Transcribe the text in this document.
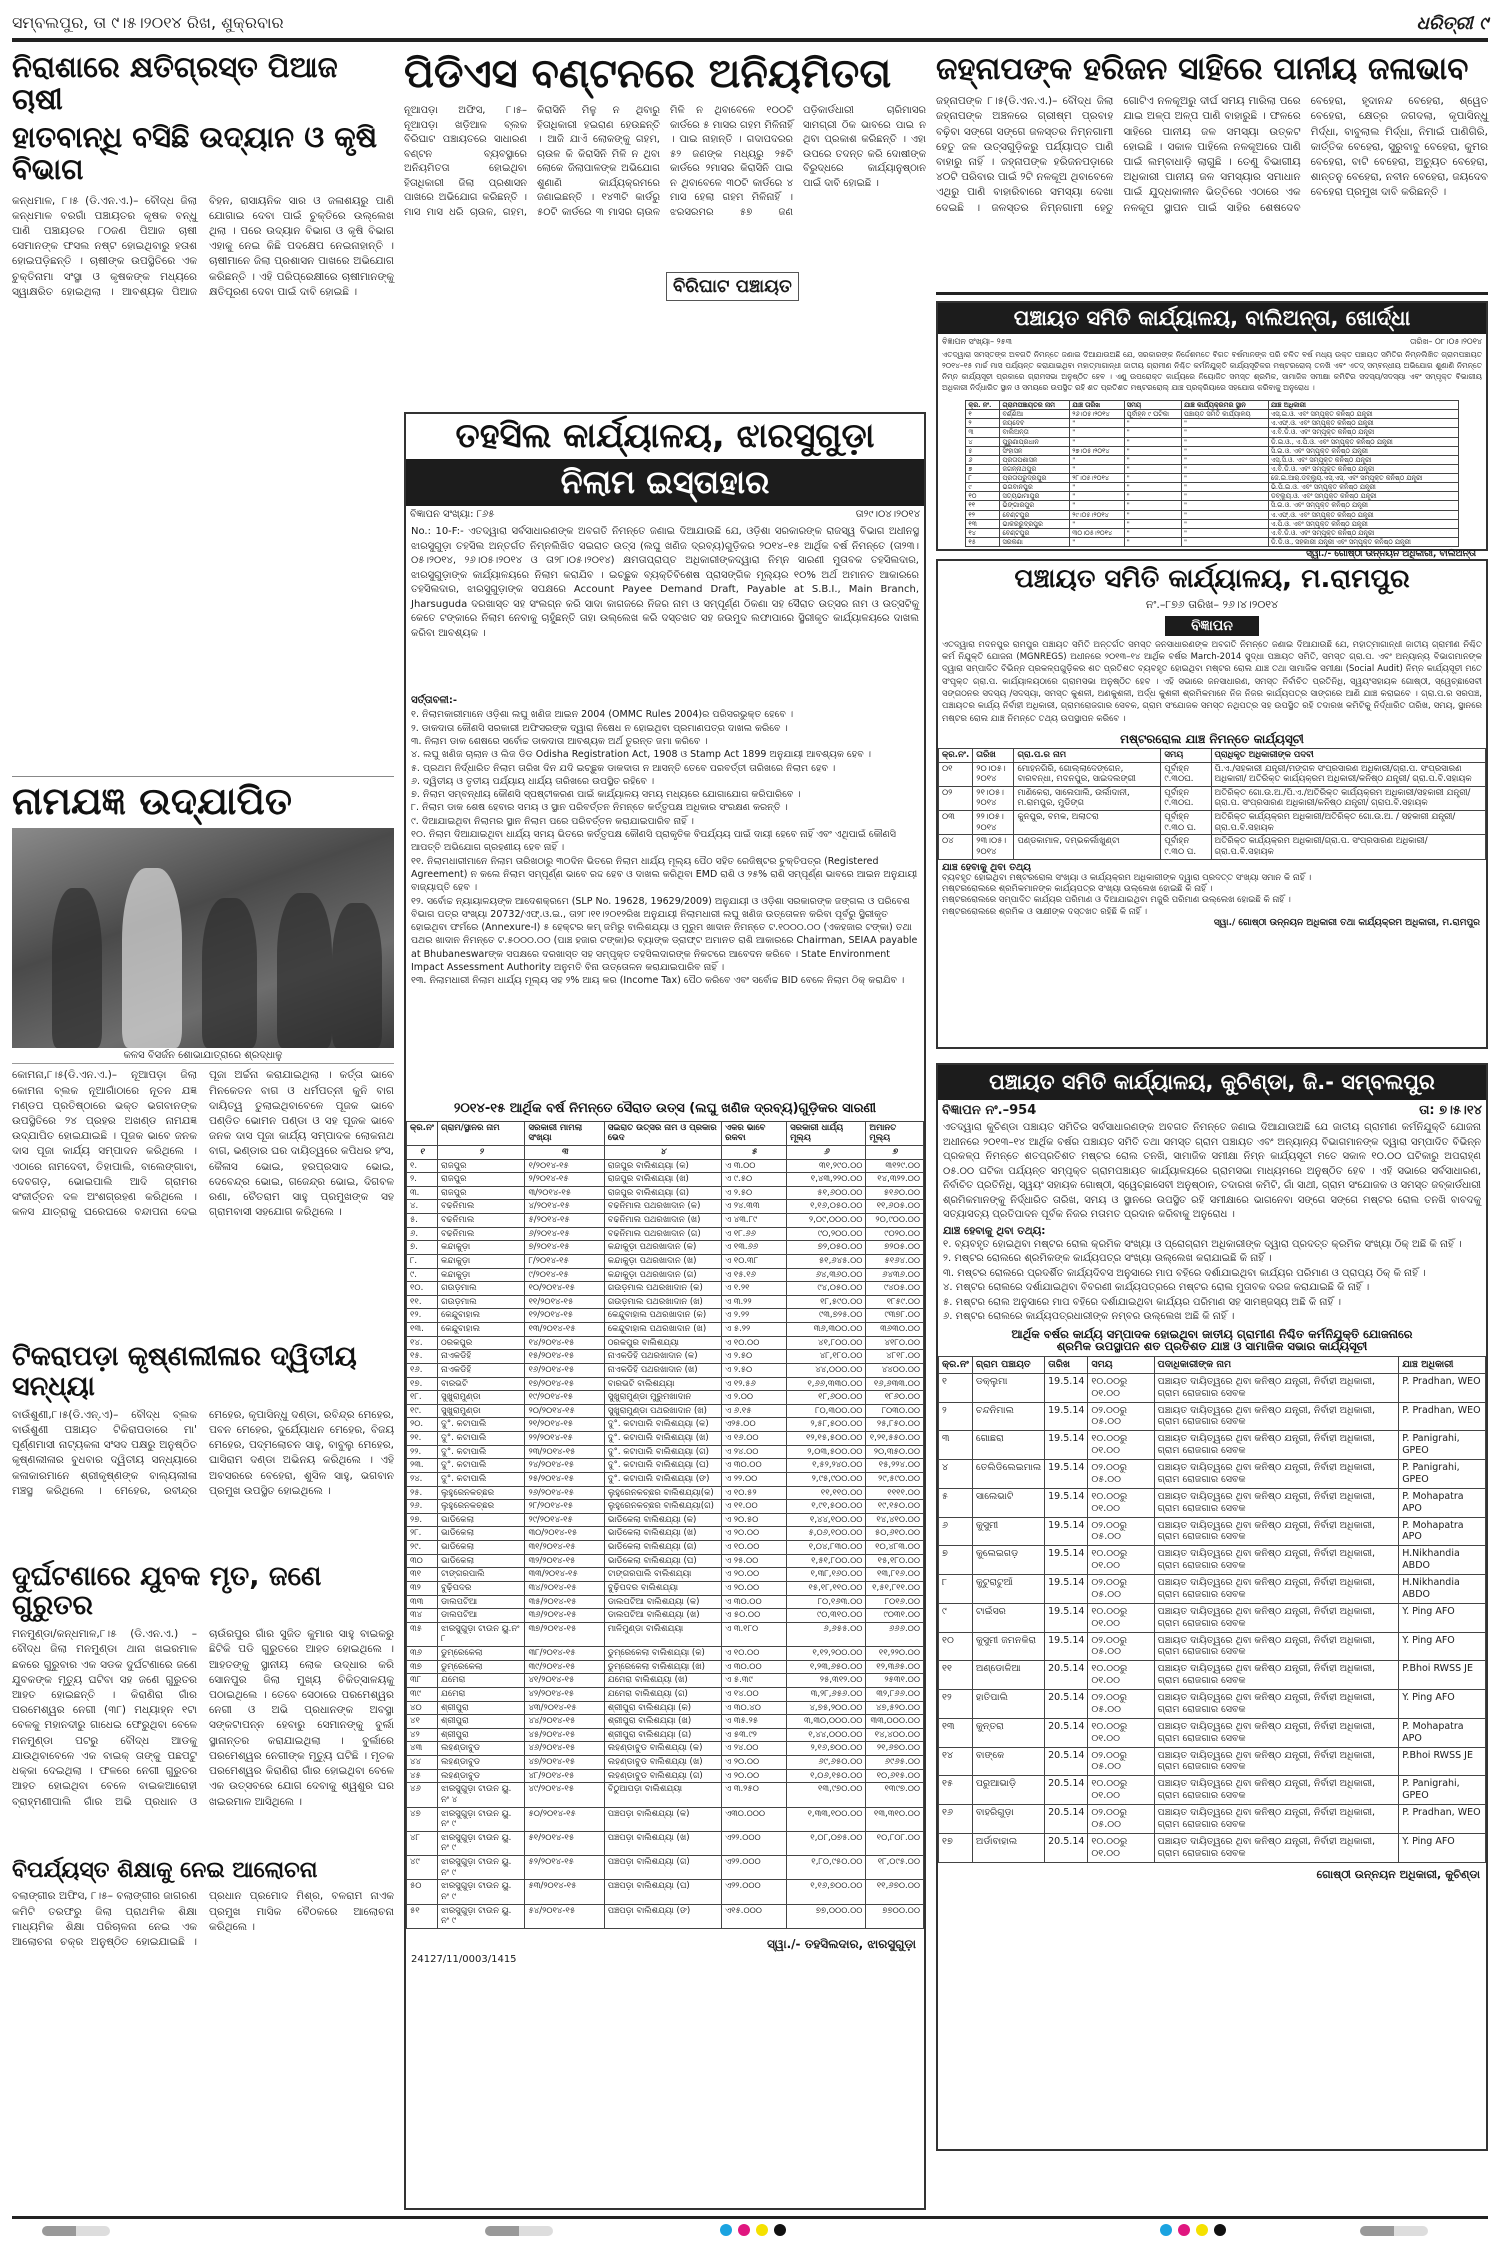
ସମ୍ବଲପୁର, ତା ୯।୫।୨୦୧୪ ରିଖ, ଶୁକ୍ରବାର	ଧରିତ୍ରୀ ୯
ନିରାଶାରେ କ୍ଷତିଗ୍ରସ୍ତ ପିଆଜ ଚାଷୀ
ହାତବାନ୍ଧି ବସିଛି ଉଦ୍ୟାନ ଓ କୃଷି ବିଭାଗ
କନ୍ଧମାଳ, ୮।୫ (ଡି.ଏନ.ଏ.)– ବୌଦ୍ଧ ଜିଲା କନ୍ଧମାଳ ବରଗାଁ ପଞ୍ଚାୟତର କୃଷକ ବନ୍ଧୁ ପାଣି ପଞ୍ଚାୟତର ୮୦ଜଣ ପିଆଜ ଚାଷୀ ସେମାନଙ୍କ ଫସଲ ନଷ୍ଟ ହୋଇଥିବାରୁ ହତାଶ ହୋଇପଡ଼ିଛନ୍ତି । ଚାଷୀଙ୍କ ଉପସ୍ଥିତିରେ ଏକ ଚୁକ୍ତିନାମା ସଂସ୍ଥା ଓ କୃଷକଙ୍କ ମଧ୍ୟରେ ସ୍ୱାକ୍ଷରିତ ହୋଇଥିଲା । ଆବଶ୍ୟକ ପିଆଜ ବିହନ, ରାସାୟନିକ ସାର ଓ ଜଳାଶୟରୁ ପାଣି ଯୋଗାଇ ଦେବା ପାଇଁ ଚୁକ୍ତିରେ ଉଲ୍ଲେଖ ଥିଲା । ପରେ ଉଦ୍ୟାନ ବିଭାଗ ଓ କୃଷି ବିଭାଗ ଏହାକୁ ନେଇ କିଛି ପଦକ୍ଷେପ ନେଇନାହାନ୍ତି । ଚାଷୀମାନେ ଜିଲା ପ୍ରଶାସନ ପାଖରେ ଅଭିଯୋଗ କରିଛନ୍ତି । ଏହି ପରିପ୍ରେକ୍ଷୀରେ ଚାଷୀମାନଙ୍କୁ କ୍ଷତିପୂରଣ ଦେବା ପାଇଁ ଦାବି ହୋଇଛି ।
ନାମଯଜ୍ଞ ଉଦ୍‌ଯାପିତ
କଳସ ବିସର୍ଜନ ଶୋଭାଯାତ୍ରାରେ ଶ୍ରଦ୍ଧାଳୁ
କୋମନା,୮।୫(ଡି.ଏନ.ଏ.)– ନୂଆପଡ଼ା ଜିଲା କୋମନା ବ୍ଲକ ନୂଆଗାଁଠାରେ ନୂତନ ଯଜ୍ଞ ମଣ୍ଡପ ପ୍ରତିଷ୍ଠାରେ ଭକ୍ତ ଭଗବାନଙ୍କ ଉପସ୍ଥିତିରେ ୨୪ ପ୍ରହର ଅଖଣ୍ଡ ନାମଯଜ୍ଞ ଉଦ୍‌ଯାପିତ ହୋଇଯାଇଛି । ପୂଜକ ଭାବେ ଜନକ ଦାସ ପୂଜା କାର୍ଯ୍ୟ ସମ୍ପାଦନ କରିଥିଲେ । ଏଠାରେ ନାମଦେବୀ, ତିହାପାଲି, ବାଲେଙ୍ଗାବା, ଦେବଗଡ଼, ଭୋଇପାଲି ଆଦି ଗ୍ରାମର ସଂକୀର୍ତ୍ତନ ଦଳ ଅଂଶଗ୍ରହଣ କରିଥିଲେ । କଳସ ଯାତ୍ରାକୁ ଘରେଘରେ ବନ୍ଦାପନା ଦେଇ ପୂଜା ଅର୍ଚ୍ଚନା କରାଯାଇଥିଲା । କର୍ତ୍ତା ଭାବେ ମିନକେତନ ବାଗ ଓ ଧର୍ମପତ୍ନୀ କୁନି ବାଗ ଦାୟିତ୍ୱ ତୁଲାଇଥିବାବେଳେ ପୂଜକ ଭାବେ ପଣ୍ଡିତ ଭୋମନ ପଣ୍ଡା ଓ ସହ ପୂଜକ ଭାବେ ଜନକ ଦାସ ପୂଜା କାର୍ଯ୍ୟ ସମ୍ପାଦକ ଲୋକନାଥ ବାଗ, ଭଣ୍ଡାର ଘର ଦାୟିତ୍ୱରେ କପିଧର ହଂସ, କୈଳାସ ଭୋଇ, ହରପ୍ରସାଦ ଭୋଇ, ଦେବେନ୍ଦ୍ର ଭୋଇ, ଗଜେନ୍ଦ୍ର ଭୋଇ, ଦିଗବଳ ରଣା, ଚୈତରାମ ସାହୁ ପ୍ରମୁଖଙ୍କ ସହ ଗ୍ରାମବାସୀ ସହଯୋଗ କରିଥିଲେ ।
ଟିକରାପଡ଼ା କୃଷ୍ଣଲୀଳାର ଦ୍ୱିତୀୟ ସନ୍ଧ୍ୟା
ବାଉଁଶୁଣୀ,୮।୫(ଡି.ଏନ୍.ଏ)– ବୌଦ୍ଧ ବ୍ଲକ ବାଉଁଶୁଣୀ ପଞ୍ଚାୟତ ଟିକିରାପଡାରେ ମା' ପୂର୍ଣ୍ଣମାସୀ ନାଟ୍ୟକଳା ସଂସଦ ପକ୍ଷରୁ ଅନୁଷ୍ଠିତ କୃଷ୍ଣଲୀଳାର ବୁଧବାର ଦ୍ୱିତୀୟ ସନ୍ଧ୍ୟାରେ କଳାକାରମାନେ ଶ୍ରୀକୃଷ୍ଣଙ୍କ ବାଲ୍ୟଲୀଳା ମଞ୍ଚସ୍ଥ କରିଥିଲେ । ମେହେର, ରବୀନ୍ଦ୍ର ମେହେର, କୃପାସିନ୍ଧୁ ଦଣ୍ଡା, ରବିନ୍ଦ୍ର ମେହେର, ପବନ ମେହେର, ଦୁର୍ଯ୍ୟୋଧନ ମେହେର, ବିଜୟ ମେହେର, ପଦ୍ମଲୋଚନ ସାହୁ, ବାବୁଲୁ ମେହେର, ଘାସିରାମ ଦଣ୍ଡା ଅଭିନୟ କରିଥିଲେ । ଏହି ଅବସରରେ ବେହେରା, ଶୁସିଳ ସାହୁ, ଭଗବାନ ପ୍ରମୁଖ ଉପସ୍ଥିତ ହୋଇଥିଲେ ।
ଦୁର୍ଘଟଣାରେ ଯୁବକ ମୃତ, ଜଣେ ଗୁରୁତର
ମନମୁଣ୍ଡା/କନ୍ଧମାଳ,୮।୫ (ଡି.ଏନ.ଏ.) – ବୌଦ୍ଧ ଜିଲା ମନମୁଣ୍ଡା ଥାନା ଖଇରମାଳ ଛକରେ ଗୁରୁବାର ଏକ ସଡକ ଦୁର୍ଘଟଣାରେ ଜଣେ ଯୁବକଙ୍କ ମୃତ୍ୟୁ ଘଟିବା ସହ ଜଣେ ଗୁରୁତର ଆହତ ହୋଇଛନ୍ତି । କିରାଣିରା ଗାଁର ପରମେଶ୍ୱର ନେଗୀ (୩୮) ମଧ୍ୟାହ୍ନ ୧ଟା ବେଳକୁ ମହାନଦୀରୁ ଗାଧେଇ ଫେରୁଥିବା ବେଳେ ମନମୁଣ୍ଡା ପଟରୁ ବୌଦ୍ଧ ଆଡକୁ ଯାଉଥିବାବେଳେ ଏକ ବାଇକ୍ ତାଙ୍କୁ ପଛପଟୁ ଧକ୍କା ଦେଇଥିଲା । ଫଳରେ ନେଗୀ ଗୁରୁତର ଆହତ ହୋଇଥିବା ବେଳେ ବାଇକଆରୋହୀ ବ୍ରାହ୍ମଣୀପାଲି ଗାଁର ଅଭି ପ୍ରଧାନ ଓ ଚାଉଁରପୁର ଗାଁର ସୁଜିତ କୁମାର ସାହୁ ବାଇକରୁ ଛିଟିକି ପଡି ଗୁରୁତରେ ଆହତ ହୋଇଥିଲେ । ଆହତଙ୍କୁ ସ୍ଥାନୀୟ ଲୋକ ଉଦ୍ଧାର କରି ସୋନପୁର ଜିଲା ମୁଖ୍ୟ ଚିକିତ୍ସାଳୟକୁ ପଠାଇଥିଲେ । ତେବେ ସେଠାରେ ପରମେଶ୍ୱର ନେଗୀ ଓ ଅଭି ପ୍ରଧାନଙ୍କ ଅବସ୍ଥା ସଙ୍କଟାପନ୍ନ ହେବାରୁ ସେମାନଙ୍କୁ ବୁର୍ଲା ସ୍ଥାନାନ୍ତର କରାଯାଇଥିଲା । ବୁର୍ଲାରେ ପରମେଶ୍ୱର ନେଗୀଙ୍କ ମୃତ୍ୟୁ ଘଟିଛି । ମୃତକ ପରମେଶ୍ୱର କିରାଣିରା ଗାଁର ହୋଇଥିବା ବେଳେ ଏକ ଉତ୍ସବରେ ଯୋଗ ଦେବାକୁ ଶ୍ୱଶୁର ଘର ଖଇରମାଳ ଆସିଥିଲେ ।
ବିପର୍ଯ୍ୟସ୍ତ ଶିକ୍ଷାକୁ ନେଇ ଆଲୋଚନା
ବଲାଙ୍ଗୀର ଅଫିସ, ୮।୫– ବଲାଙ୍ଗୀର ଜାଗରଣ କମିଟି ତରଫରୁ ଜିଲା ପ୍ରାଥମିକ ଶିକ୍ଷା ମାଧ୍ୟମିକ ଶିକ୍ଷା ପରିଚାଳନା ନେଇ ଏକ ଆଲୋଚନା ଚକ୍ର ଅନୁଷ୍ଠିତ ହୋଇଯାଇଛି । ପ୍ରଧାନ ପ୍ରମୋଦ ମିଶ୍ର, ବଳରାମ ନାଏକ ପ୍ରମୁଖ ମାସିକ ବୈଠକରେ ଆଲୋଚନା କରିଥିଲେ ।
ପିଡିଏସ ବଣ୍ଟନରେ ଅନିୟମିତତା
ନୂଆପଡ଼ା ଅଫିସ, ୮।୫– ନୂଆପଡ଼ା ଖଡ଼ିଆଳ ବ୍ଲକ ବିରିଘାଟ ପଞ୍ଚାୟତରେ ସାଧାରଣ ବଣ୍ଟନ ବ୍ୟବସ୍ଥାରେ ଅନିୟମିତତା ହୋଇଥିବା ହିତାଧିକାରୀ ଜିଲା ପ୍ରଶାସନ ପାଖରେ ଅଭିଯୋଗ କରିଛନ୍ତି । ମାସ ମାସ ଧରି ଚାଉଳ, ଗହମ, କିରାସିନି ମିଳୁ ନ ଥିବାରୁ ହିତାଧିକାରୀ ହଇରାଣ ହେଉଛନ୍ତି । ଆଜି ଯାଏଁ ଲୋକଙ୍କୁ ଗହମ, ଚାଉଳ କି କିରାସିନି ମିଳି ନ ଥିବା ଲୋକେ ଜିଲାପାଳଙ୍କ ଅଭିଯୋଗ ଶୁଣାଣି କାର୍ଯ୍ୟକ୍ରମରେ ଜଣାଇଛନ୍ତି । ୧୪୩ଟି କାର୍ଡରୁ ୫୦ଟି କାର୍ଡରେ ୩ ମାସର ଚାଉଳ ମିଳି ନ ଥିବାବେଳେ ୧୦୦ଟି କାର୍ଡରେ ୫ ମାସର ଗହମ ମିଳିନାହିଁ । ପାଇ ନାହାନ୍ତି । ଗଦାପଦରର ୫୨ ଜଣଙ୍କ ମଧ୍ୟରୁ ୨୫ଟି କାର୍ଡରେ ୨ମାସର କିରାସିନି ପାଇ ନ ଥିବାବେଳେ ୩୦ଟି କାର୍ଡରେ ୪ ମାସ ହେଲା ଗହମ ମିଳିନାହିଁ । ଝରସରମର ୫୭ ଜଣ ପଡ଼ିକାର୍ଡଧାରୀ ଚାରିମାସର ସାମଗ୍ରୀ ଠିକ ଭାବରେ ପାଇ ନ ଥିବା ପ୍ରକାଶ କରିଛନ୍ତି । ଏହା ଉପରେ ତଦନ୍ତ କରି ଦୋଷୀଙ୍କ ବିରୁଦ୍ଧରେ କାର୍ଯ୍ୟାନୁଷ୍ଠାନ ପାଇଁ ଦାବି ହୋଇଛି ।
ବିରିଘାଟ ପଞ୍ଚାୟତ
ତହସିଲ କାର୍ଯ୍ୟାଳୟ, ଝାରସୁଗୁଡ଼ା
ନିଲାମ ଇସ୍ତାହାର
ବିଜ୍ଞାପନ ସଂଖ୍ୟା: ୮୬୫	ତା୨୯।୦୪।୨୦୧୪
No.: 10-F:- ଏତଦ୍ୱାରା ସର୍ବସାଧାରଣଙ୍କ ଅବଗତି ନିମନ୍ତେ ଜଣାଇ ଦିଆଯାଉଛି ଯେ, ଓଡ଼ିଶା ସରକାରଙ୍କ ରାଜସ୍ୱ ବିଭାଗ ଅଧୀନସ୍ଥ ଝାରସୁଗୁଡ଼ା ତହସିଲ ଅନ୍ତର୍ଗତ ନିମ୍ନଲିଖିତ ସଇରାତ ଉତ୍ସ (ଲଘୁ ଖଣିଜ ଦ୍ରବ୍ୟ)ଗୁଡ଼ିକର ୨୦୧୪–୧୫ ଆର୍ଥିକ ବର୍ଷ ନିମନ୍ତେ (ତା୨୩।୦୫।୨୦୧୪, ୨୬।୦୫।୨୦୧୪ ଓ ତା୨୮।୦୫।୨୦୧୪) କ୍ଷମତାପ୍ରାପ୍ତ ଅଧିକାରୀଙ୍କଦ୍ୱାରା ନିମ୍ନ ସାରଣୀ ମୁତାବକ ତହସିଲଦାର, ଝାରସୁଗୁଡ଼ାଙ୍କ କାର୍ଯ୍ୟାଳୟରେ ନିଲାମ କରାଯିବ । ଇଚ୍ଛୁକ ବ୍ୟକ୍ତିବିଶେଷ ପ୍ରାସଙ୍ଗିକ ମୂଲ୍ୟର ୧୦% ଅର୍ଥ ଅମାନତ ଆକାରରେ ତହସିଲଦାର, ଝାରସୁଗୁଡ଼ାଙ୍କ ସପକ୍ଷରେ Account Payee Demand Draft, Payable at S.B.I., Main Branch, Jharsuguda ଦରଖାସ୍ତ ସହ ସଂଲଗ୍ନ କରି ସାଦା କାଗଜରେ ନିଜର ନାମ ଓ ସମ୍ପୂର୍ଣ୍ଣ ଠିକଣା ସହ ସୈରାତ ଉତ୍ସର ନାମ ଓ ଉତ୍ସଟିକୁ କେତେ ଟଙ୍କାରେ ନିଲାମ ନେବାକୁ ଚାହୁଁଛନ୍ତି ତାହା ଉଲ୍ଲେଖ କରି ଦସ୍ତଖତ ସହ ଜଉମୁଦ ଲଫାପାରେ ସ୍ଥିରୀକୃତ କାର୍ଯ୍ୟାଳୟରେ ଦାଖଲ କରିବା ଆବଶ୍ୟକ ।
ସର୍ତ୍ତାବଳୀ:-
୧. ନିଲାମକାରୀମାନେ ଓଡ଼ିଶା ଲଘୁ ଖଣିଜ ଆଇନ 2004 (OMMC Rules 2004)ର ପରିସରଭୁକ୍ତ ହେବେ ।
୨. ଡାକଦାତା କୌଣସି ସରକାରୀ ଅଫିସରଙ୍କ ଦ୍ୱାରା ନିଷେଧ ନ ହୋଇଥିବା ପ୍ରମାଣପତ୍ର ଦାଖଲ କରିବେ ।
୩. ନିଲାମ ଡାକ ଶେଷରେ ସର୍ବୋଚ୍ଚ ଡାକଦାତା ଆବଶ୍ୟକ ଅର୍ଥ ତୁରନ୍ତ ଜମା କରିବେ ।
୪. ଲଘୁ ଖଣିଜ ଚାଲାନ ଓ ଲିଜ ଡିଡ Odisha Registration Act, 1908 ଓ Stamp Act 1899 ଅନୁଯାୟୀ ଆବଶ୍ୟକ ହେବ ।
୫. ପ୍ରଥମ ନିର୍ଦ୍ଧାରିତ ନିଲାମ ତାରିଖ ଦିନ ଯଦି ଇଚ୍ଛୁକ ଡାକଦାତା ନ ଆସନ୍ତି ତେବେ ପରବର୍ତ୍ତୀ ତାରିଖରେ ନିଲାମ ହେବ ।
୬. ଦ୍ୱିତୀୟ ଓ ତୃତୀୟ ପର୍ଯ୍ୟାୟ ଧାର୍ଯ୍ୟ ତାରିଖରେ ଉପସ୍ଥିତ ରହିବେ ।
୭. ନିଲାମ ସମ୍ବନ୍ଧୀୟ କୌଣସି ସ୍ପଷ୍ଟୀକରଣ ପାଇଁ କାର୍ଯ୍ୟାଳୟ ସମୟ ମଧ୍ୟରେ ଯୋଗାଯୋଗ କରିପାରିବେ ।
୮. ନିଲାମ ଡାକ ଶେଷ ହେବାର ସମୟ ଓ ସ୍ଥାନ ପରିବର୍ତ୍ତନ ନିମନ୍ତେ କର୍ତ୍ତୃପକ୍ଷ ଅଧିକାର ସଂରକ୍ଷଣ କରନ୍ତି ।
୯. ଦିଆଯାଇଥିବା ନିଲାମର ସ୍ଥାନ ନିଲାମ ପରେ ପରିବର୍ତ୍ତନ କରାଯାଇପାରିବ ନାହିଁ ।
୧୦. ନିଲାମ ଦିଆଯାଇଥିବା ଧାର୍ଯ୍ୟ ସମୟ ଭିତରେ କର୍ତ୍ତୃପକ୍ଷ କୌଣସି ପ୍ରାକୃତିକ ବିପର୍ଯ୍ୟୟ ପାଇଁ ଦାୟୀ ହେବେ ନାହିଁ ଏବଂ ଏଥିପାଇଁ କୌଣସି ଆପତ୍ତି ଅଭିଯୋଗ ଗ୍ରହଣୀୟ ହେବ ନାହିଁ ।
୧୧. ନିଲାମଧାରୀମାନେ ନିଲାମ ତାରିଖଠାରୁ ୩୦ଦିନ ଭିତରେ ନିଲାମ ଧାର୍ଯ୍ୟ ମୂଲ୍ୟ ପୈଠ ସହିତ ରେଜିଷ୍ଟର ଚୁକ୍ତିପତ୍ର (Registered Agreement) ନ କଲେ ନିଲାମ ସମ୍ପୂର୍ଣ୍ଣ ଭାବେ ରଦ୍ଦ ହେବ ଓ ଦାଖଲ କରିଥିବା EMD ରାଶି ଓ ୨୫% ରାଶି ସମ୍ପୂର୍ଣ୍ଣ ଭାବରେ ଆଇନ ଅନୁଯାୟୀ ବାଜ୍ୟାପ୍ତି ହେବ ।
୧୨. ସର୍ବୋଚ୍ଚ ନ୍ୟାୟାଳୟଙ୍କ ଆଦେଶକ୍ରମେ (SLP No. 19628, 19629/2009) ଅନୁଯାୟୀ ଓ ଓଡ଼ିଶା ସରକାରଙ୍କ ଜଙ୍ଗଲ ଓ ପରିବେଶ ବିଭାଗ ପତ୍ର ସଂଖ୍ୟା 20732/ଏଫ୍.ଓ.ଇ., ତା୨୮।୧୧।୨୦୧୨ରିଖ ଅନୁଯାୟୀ ନିଲାମଧାରୀ ଲଘୁ ଖଣିଜ ଉତ୍ତୋଳନ କରିବା ପୂର୍ବରୁ ସ୍ଥିରୀକୃତ ହୋଇଥିବା ଫର୍ମରେ (Annexure-I) ୫ ହେକ୍ଟର କମ୍ ଜମିରୁ ବାଲିଶଯ୍ୟା ଓ ମୁରୁମ ଖାଦାନ ନିମନ୍ତେ ଟ.୧୦୦୦.୦୦ (ଏକହଜାର ଟଙ୍କା) ତଥା ପଥର ଖାଦାନ ନିମନ୍ତେ ଟ.୫୦୦୦.୦୦ (ପାଞ୍ଚ ହଜାର ଟଙ୍କା)ର ବ୍ୟାଙ୍କ ଡ୍ରାଫ୍ଟ ଅମାନତ ରାଶି ଆକାରରେ Chairman, SEIAA payable at Bhubaneswarଙ୍କ ସପକ୍ଷରେ ଦରଖାସ୍ତ ସହ ସମ୍ପୃକ୍ତ ତହସିଲଦାରଙ୍କ ନିକଟରେ ଆବେଦନ କରିବେ । State Environment Impact Assessment Authority ଅନୁମତି ବିନା ଉତ୍ତୋଳନ କରାଯାଇପାରିବ ନାହିଁ ।
୧୩. ନିଲାମଧାରୀ ନିଲାମ ଧାର୍ଯ୍ୟ ମୂଲ୍ୟ ସହ ୨% ଆୟ କର (Income Tax) ପୈଠ କରିବେ ଏବଂ ସର୍ବୋଚ୍ଚ BID ବେଳେ ନିଲାମ ଠିକ୍ କରାଯିବ ।
୨୦୧୪-୧୫ ଆର୍ଥିକ ବର୍ଷ ନିମନ୍ତେ ସୈରାତ ଉତ୍ସ (ଲଘୁ ଖଣିଜ ଦ୍ରବ୍ୟ)ଗୁଡ଼ିକର ସାରଣୀ
କ୍ର.ନଂ	ଗ୍ରାମ/ସ୍ଥାନର ନାମ	ସରକାରୀ ମାମଲା ସଂଖ୍ୟା	ସଇରାତ ଉତ୍ସର ନାମ ଓ ପ୍ରକାର ଭେଦ	ଏକର ଭାବେ ରକବା	ସରକାରୀ ଧାର୍ଯ୍ୟ ମୂଲ୍ୟ	ଅମାନତ ମୂଲ୍ୟ
୧	୨	୩	୪	୫	୬	୭
୧.	ରାଜପୁର	୧/୨୦୧୪-୧୫	ରାଜପୁର ବାଲିଶଯ୍ୟା (କ)	ଏ ୩.୦୦	୩୧,୨୯୦.୦୦	୩୧୨୯.୦୦
୨.	ରାଜପୁର	୨/୨୦୧୪-୧୫	ରାଜପୁର ବାଲିଶଯ୍ୟା (ଖ)	ଏ ୯.୫୦	୧,୪୩,୨୨୦.୦୦	୧୪,୩୨୨.୦୦
୩.	ରାଜପୁର	୩/୨୦୧୪-୧୫	ରାଜପୁର ବାଲିଶଯ୍ୟା (ଗ)	ଏ ୨.୫୦	୫୧,୬୦୦.୦୦	୫୧୬୦.୦୦
୪.	ବଢନିମାଲ	୪/୨୦୧୪-୧୫	ବଢନିମାଲ ପଥରଖାଦାନ (କ)	ଏ ୨୪.୩୩	୧,୧୬,୦୫୦.୦୦	୧୧,୬୦୫.୦୦
୫.	ବଢନିମାଲ	୫/୨୦୧୪-୧୫	ବଢନିମାଲ ପଥରଖାଦାନ (ଖ)	ଏ ୪୩.୮୯	୨,୦୯,୦୦୦.୦୦	୨୦,୯୦୦.୦୦
୬.	ବଢନିମାଲ	୬/୨୦୧୪-୧୫	ବଢନିମାଲ ପଥରଖାଦାନ (ଗ)	ଏ ୧୮.୬୬	୯୦,୨୦୦.୦୦	୯୦୨୦.୦୦
୭.	କନ୍ଦାକୁଡ଼ା	୭/୨୦୧୪-୧୫	କନ୍ଦାକୁଡ଼ା ପଥରଖାଦାନ (କ)	ଏ ୧୩.୬୬	୭୨,୦୫୦.୦୦	୭୨୦୫.୦୦
୮.	କନ୍ଦାକୁଡ଼ା	୮/୨୦୧୪-୧୫	କନ୍ଦାକୁଡ଼ା ପଥରଖାଦାନ (ଖ)	ଏ ୧୦.୩୮	୫୧,୬୪୫.୦୦	୫୧୬୪.୦୦
୯.	କନ୍ଦାକୁଡ଼ା	୯/୨୦୧୪-୧୫	କନ୍ଦାକୁଡ଼ା ପଥରଖାଦାନ (ଗ)	ଏ ୧୫.୧୬	୬୪,୩୬୦.୦୦	୬୪୩୬.୦୦
୧୦.	ଗଉଡ଼ମାଲ	୧୦/୨୦୧୪-୧୫	ଗଉଡ଼ମାଲ ପଥରଖାଦାନ (କ)	ଏ ୧.୨୧	୯୪,୦୫୦.୦୦	୯୪୦୫.୦୦
୧୧.	ଗଉଡ଼ମାଲ	୧୧/୨୦୧୪-୧୫	ଗଉଡ଼ମାଲ ପଥରଖାଦାନ (ଖ)	ଏ ୩.୨୨	୧୮,୫୯୦.୦୦	୧୮୫୯.୦୦
୧୨.	କେନ୍ଦୁବାହାଲ	୧୨/୨୦୧୪-୧୫	କେନ୍ଦୁବାହାଲ ପଥରଖାଦାନ (କ)	ଏ ୨.୨୨	୯୩,୭୨୫.୦୦	୯୩୭୮.୦୦
୧୩.	କେନ୍ଦୁବାହାଲ	୧୩/୨୦୧୪-୧୫	କେନ୍ଦୁବାହାଲ ପଥରଖାଦାନ (ଖ)	ଏ ୫.୨୨	୩୬,୩୦୦.୦୦	୩୬୩୦.୦୦
୧୪.	ଠରକପୁର	୧୪/୨୦୧୪-୧୫	ଠରକପୁର ବାଲିଶଯ୍ୟା	ଏ ୧୦.୦୦	୪୧,୮୦୦.୦୦	୪୧୮୦.୦୦
୧୫.	ନାଏକଡିହି	୧୫/୨୦୧୪-୧୫	ନାଏକଡିହି ପଥରଖାଦାନ (କ)	ଏ ୨.୫୦	୪୮,୧୮୦.୦୦	୪୮୧୮.୦୦
୧୬.	ନାଏକଡିହି	୧୬/୨୦୧୪-୧୫	ନାଏକଡିହି ପଥରଖାଦାନ (ଖ)	ଏ ୨.୫୦	୪୪,୦୦୦.୦୦	୪୪୦୦.୦୦
୧୭.	ବାରଭଟି	୧୭/୨୦୧୪-୧୫	ବାରଭଟି ବାଲିଶଯ୍ୟା	ଏ ୧୨.୫୬	୧,୬୬,୩୩୦.୦୦	୧୬,୬୩୩.୦୦
୧୮.	ସୁଖୁରାମୁଣ୍ଡା	୧୯/୨୦୧୪-୧୫	ସୁଖୁରାମୁଣ୍ଡା ମୁରୁମଖାଦାନ	ଏ ୨.୦୦	୧୮,୬୦୦.୦୦	୧୮୬୦.୦୦
୧୯.	ସୁଖୁରାମୁଣ୍ଡା	୨୦/୨୦୧୪-୧୫	ସୁଖୁରାମୁଣ୍ଡା ପଥରଖାଦାନ (ଖ)	ଏ ୬.୧୫	୮୦,୩୦୦.୦୦	୮୦୩୦.୦୦
୨୦.	ଦୁ°. କଟାପାଲି	୨୧/୨୦୧୪-୧୫	ଦୁ°. କଟାପାଲି ବାଲିଶଯ୍ୟା (କ)	ଏ୨୫.୦୦	୨,୫୮,୫୦୦.୦୦	୨୫,୮୫୦.୦୦
୨୧.	ଦୁ°. କଟାପାଲି	୨୨/୨୦୧୪-୧୫	ଦୁ°. କଟାପାଲି ବାଲିଶଯ୍ୟା (ଖ)	ଏ ୧୬.୦୦	୧୨,୧୫,୫୦୦.୦୦	୧,୨୧,୫୫୦.୦୦
୨୨.	ଦୁ°. କଟାପାଲି	୨୩/୨୦୧୪-୧୫	ଦୁ°. କଟାପାଲି ବାଲିଶଯ୍ୟା (ଗ)	ଏ ୨୪.୦୦	୨,୦୩,୫୦୦.୦୦	୨୦,୩୫୦.୦୦
୨୩.	ଦୁ°. କଟାପାଲି	୨୪/୨୦୧୪-୧୫	ଦୁ°. କଟାପାଲି ବାଲିଶଯ୍ୟା (ଘ)	ଏ ୩୦.୦୦	୧,୫୨,୨୪୦.୦୦	୧୫,୨୨୪.୦୦
୨୪.	ଦୁ°. କଟାପାଲି	୨୫/୨୦୧୪-୧୫	ଦୁ°. କଟାପାଲି ବାଲିଶଯ୍ୟା (ଙ)	ଏ ୨୨.୦୦	୨,୯୫,୯୦୦.୦୦	୨୯,୫୯୦.୦୦
୨୫.	ଲୁହୁରେନକଚ୍ଛର	୨୬/୨୦୧୪-୧୫	ଲୁହୁରେନକଚ୍ଛର ବାଲିଶଯ୍ୟା(କ)	ଏ ୧୦.୫୨	୧୧,୧୧୦.୦୦	୧୧୧୧.୦୦
୨୬.	ଲୁହୁରେନକଚ୍ଛର	୨୮/୨୦୧୪-୧୫	ଲୁହୁରେନକଚ୍ଛର ବାଲିଶଯ୍ୟା(ଗ)	ଏ ୧୧.୦୦	୧,୯୧,୫୦୦.୦୦	୧୯,୧୫୦.୦୦
୨୭.	ଭାଡିକେଲା	୨୯/୨୦୧୪-୧୫	ଭାଡିକେଲା ବାଲିଶଯ୍ୟା (କ)	ଏ ୨୦.୫୦	୧,୪୪,୧୦୦.୦୦	୧୪,୪୧୦.୦୦
୨୮.	ଭାଡିକେଲା	୩୦/୨୦୧୪-୧୫	ଭାଡିକେଲା ବାଲିଶଯ୍ୟା (ଖ)	ଏ ୨୦.୦୦	୫,୦୬,୧୦୦.୦୦	୫୦,୬୧୦.୦୦
୨୯.	ଭାଡିକେଲା	୩୧/୨୦୧୪-୧୫	ଭାଡିକେଲା ବାଲିଶଯ୍ୟା (ଗ)	ଏ ୧୦.୦୦	୧,୦୪,୮୩୦.୦୦	୧୦,୪୮୩.୦୦
୩୦	ଭାଡିକେଲା	୩୨/୨୦୧୪-୧୫	ଭାଡିକେଲା ବାଲିଶଯ୍ୟା (ଘ)	ଏ ୨୫.୦୦	୧,୫୧,୮୦୦.୦୦	୧୫,୧୮୦.୦୦
୩୧	ଟାଙ୍ଗରପାଲି	୩୩/୨୦୧୪-୧୫	ଟାଙ୍ଗରପାଲି ବାଲିଶଯ୍ୟା	ଏ ୨୦.୦୦	୧,୩୮,୧୬୦.୦୦	୧୩,୮୧୬.୦୦
୩୨	ବୁଢ଼ିପଦର	୩୪/୨୦୧୪-୧୫	ବୁଢ଼ିପଦର ବାଲିଶଯ୍ୟା	ଏ ୨୦.୦୦	୧୫,୧୮,୧୧୦.୦୦	୧,୫୧,୮୧୧.୦୦
୩୩	ଡାଲପଟିଆ	୩୫/୨୦୧୪-୧୫	ଡାଲପଟିଆ ବାଲିଶଯ୍ୟା (କ)	ଏ ୩୦.୦୦	୮୦,୧୬୩.୦୦	୮୦୧୬.୦୦
୩୪	ଡାଲପଟିଆ	୩୬/୨୦୧୪-୧୫	ଡାଲପଟିଆ ବାଲିଶଯ୍ୟା (ଖ)	ଏ ୫୦.୦୦	୯୦,୩୧୦.୦୦	୯୦୩୧.୦୦
୩୫	ଝାରସୁଗୁଡ଼ା ଟାଉନ ୟୁ.ନଂ ୮	୩୭/୨୦୧୪-୧୫	ମାଳିମୁଣ୍ଡା ବାଲିଶଯ୍ୟା	ଏ ୩.୧୮୦	୬,୬୫୫.୦୦	୬୬୬.୦୦
୩୬	ଡୁମ୍ରେକେଲା	୩୮/୨୦୧୪-୧୫	ଡୁମ୍ରେକେଲା ବାଲିଶଯ୍ୟା (କ)	ଏ ୧୦.୦୦	୧,୧୨,୨୦୦.୦୦	୧୧,୨୨୦.୦୦
୩୭	ଡୁମ୍ରେକେଲା	୩୯/୨୦୧୪-୧୫	ଡୁମ୍ରେକେଲା ବାଲିଶଯ୍ୟା (ଖ)	ଏ ୩୦.୦୦	୧,୨୩,୬୫୦.୦୦	୧୨,୩୬୫.୦୦
୩୮	ଯମେରା	୪୧/୨୦୧୪-୧୫	ଯମେରା ବାଲିଶଯ୍ୟା (ଖ)	ଏ ୫.୩୯	୨୫,୩୧୨.୦୦	୨୫୩୧.୦୦
୩୯	ଯମେରା	୪୨/୨୦୧୪-୧୫	ଯମେରା ବାଲିଶଯ୍ୟା (ଗ)	ଏ ୧୪.୦୦	୩,୨୮,୬୫୬.୦୦	୩୨,୮୬୬.୦୦
୪୦	ଶ୍ରୀପୁରା	୪୩/୨୦୧୪-୧୫	ଶ୍ରୀପୁରା ବାଲିଶଯ୍ୟା (କ)	ଏ ୩୦.୪୦	୪,୭୫,୨୦୦.୦୦	୪୭,୫୨୦.୦୦
୪୧	ଶ୍ରୀପୁରା	୪୪/୨୦୧୪-୧୫	ଶ୍ରୀପୁରା ବାଲିଶଯ୍ୟା (ଖ)	ଏ ୩୫.୨୫	୩,୩୦,୦୦୦.୦୦	୩୩,୦୦୦.୦୦
୪୨	ଶ୍ରୀପୁରା	୪୫/୨୦୧୪-୧୫	ଶ୍ରୀପୁରା ବାଲିଶଯ୍ୟା (ଗ)	ଏ ୫୩.୯୨	୧,୪୪,୦୦୦.୦୦	୧୪,୪୦୦.୦୦
୪୩	ଲହଣ୍ଡାବୁଡ	୪୬/୨୦୧୪-୧୫	ଲହଣ୍ଡାବୁଡ ବାଲିଶଯ୍ୟା (କ)	ଏ ୨୪.୦୦	୨,୧୬,୭୦୦.୦୦	୨୧,୬୭୦.୦୦
୪୪	ଲହଣ୍ଡାବୁଡ	୪୭/୨୦୧୪-୧୫	ଲହଣ୍ଡାବୁଡ ବାଲିଶଯ୍ୟା (ଖ)	ଏ ୨୦.୦୦	୬୯,୬୫୦.୦୦	୬୯୬୫.୦୦
୪୫	ଲହଣ୍ଡାବୁଡ	୪୮/୨୦୧୪-୧୫	ଲହଣ୍ଡାବୁଡ ବାଲିଶଯ୍ୟା (ଗ)	ଏ ୨୦.୦୦	୧,୦୬,୧୫୦.୦୦	୧୦,୬୧୫.୦୦
୪୬	ଝାରସୁଗୁଡ଼ା ଟାଉନ ୟୁ. ନଂ ୪	୪୯/୨୦୧୪-୧୫	ବିଠୁଆପଡ଼ା ବାଲିଶଯ୍ୟା	ଏ ୩.୨୫୦	୧୩,୯୭୦.୦୦	୧୩୯୭.୦୦
୪୭	ଝାରସୁଗୁଡ଼ା ଟାଉନ ୟୁ. ନଂ ୯	୫୦/୨୦୧୪-୧୫	ପଞ୍ଚପଡ଼ା ବାଲିଶଯ୍ୟା (କ)	ଏ୩୦.୦୦୦	୧,୩୩,୧୦୦.୦୦	୧୩,୩୧୦.୦୦
୪୮	ଝାରସୁଗୁଡ଼ା ଟାଉନ ୟୁ. ନଂ ୯	୫୧/୨୦୧୪-୧୫	ପଞ୍ଚପଡ଼ା ବାଲିଶଯ୍ୟା (ଖ)	ଏ୨୨.୦୦୦	୧,୦୮,୦୭୫.୦୦	୧୦,୮୦୮.୦୦
୪୯	ଝାରସୁଗୁଡ଼ା ଟାଉନ ୟୁ. ନଂ ୯	୫୨/୨୦୧୪-୧୫	ପଞ୍ଚପଡ଼ା ବାଲିଶଯ୍ୟା (ଗ)	ଏ୨୨.୦୦୦	୧,୮୦,୯୫୦.୦୦	୧୮,୦୯୫.୦୦
୫୦	ଝାରସୁଗୁଡ଼ା ଟାଉନ ୟୁ. ନଂ ୯	୫୩/୨୦୧୪-୧୫	ପଞ୍ଚପଡ଼ା ବାଲିଶଯ୍ୟା (ଘ)	ଏ୨୨.୦୦୦	୧,୧୬,୭୦୦.୦୦	୧୧,୬୭୦.୦୦
୫୧	ଝାରସୁଗୁଡ଼ା ଟାଉନ ୟୁ. ନଂ ୯	୫୪/୨୦୧୪-୧୫	ପଞ୍ଚପଡ଼ା ବାଲିଶଯ୍ୟା (ଙ)	ଏ୧୫.୦୦୦	୭୭,୦୦୦.୦୦	୭୭୦୦.୦୦
ସ୍ୱା./- ତହସିଲଦାର, ଝାରସୁଗୁଡ଼ା
24127/11/0003/1415
ଜହ୍ନାପଙ୍କ ହରିଜନ ସାହିରେ ପାନୀୟ ଜଳାଭାବ
ଜହ୍ନାପଙ୍କ ୮।୫(ଡି.ଏନ.ଏ.)– ବୌଦ୍ଧ ଜିଲା ଜହ୍ନାପଙ୍କ ଅଞ୍ଚଳରେ ଗ୍ରୀଷ୍ମ ପ୍ରବାହ ବଢ଼ିବା ସଙ୍ଗେ ସଙ୍ଗେ ଜଳସ୍ତର ନିମ୍ନଗାମୀ ହେତୁ ଜଳ ଉତ୍ସଗୁଡ଼ିକରୁ ପର୍ଯ୍ୟାପ୍ତ ପାଣି ବାହାରୁ ନାହିଁ । ଜହ୍ନାପଙ୍କ ହରିଜନପଡ଼ାରେ ୪୦ଟି ପରିବାର ପାଇଁ ୨ଟି ନଳକୂଅ ଥିବାବେଳେ ଏଥିରୁ ପାଣି ବାହାରିବାରେ ସମସ୍ୟା ଦେଖା ଦେଇଛି । ଜଳସ୍ତର ନିମ୍ନଗାମୀ ହେତୁ ଗୋଟିଏ ନଳକୂଅରୁ ଦୀର୍ଘ ସମୟ ମାରିଲା ପରେ ଯାଇ ଅଳ୍ପ ଅଳ୍ପ ପାଣି ବାହାରୁଛି । ଫଳରେ ସାହିରେ ପାନୀୟ ଜଳ ସମସ୍ୟା ଉତ୍କଟ ହୋଇଛି । ସକାଳ ପାହିଲେ ନଳକୂଅରେ ପାଣି ପାଇଁ ଲମ୍ବାଧାଡ଼ି ଲାଗୁଛି । ତେଣୁ ବିଭାଗୀୟ ଅଧିକାରୀ ପାନୀୟ ଜଳ ସମସ୍ୟାର ସମାଧାନ ପାଇଁ ଯୁଦ୍ଧକାଳୀନ ଭିତ୍ତିରେ ଏଠାରେ ଏକ ନଳକୂପ ସ୍ଥାପନ ପାଇଁ ସାହିର ଶେଷଦେବ ବେହେରା, ହୃଦାନନ୍ଦ ବେହେରା, ଶ୍ୱେତ ବେହେରା, କ୍ଷେତ୍ର ଜଗଦଲା, କୃପାସିନ୍ଧୁ ମିର୍ଦ୍ଧା, ବାବୁଲାଲ ମିର୍ଦ୍ଧା, ନିମାଇଁ ପାଣିଗିରି, କାର୍ତ୍ତିକ ବେହେରା, ସୁରୁବାବୁ ବେହେରା, କୁମର ବେହେରା, ବାଟି ବେହେରା, ଅଚ୍ୟୁତ ବେହେରା, ଶାନ୍ତନୁ ବେହେରା, ନବୀନ ବେହେରା, ଜୟଦେବ ବେହେରା ପ୍ରମୁଖ ଦାବି କରିଛନ୍ତି ।
ପଞ୍ଚାୟତ ସମିତି କାର୍ଯ୍ୟାଳୟ, ବାଲିଅନ୍ତା, ଖୋର୍ଦ୍ଧା
ବିଜ୍ଞାପନ ସଂଖ୍ୟା– ୨୫୩	ତାରିଖ– ୦୮।୦୫।୨୦୧୪
ଏତଦ୍ୱାରା ସମସ୍ତଙ୍କ ଅବଗତି ନିମନ୍ତେ ଜଣାଇ ଦିଆଯାଉଅଛି ଯେ, ସରକାରଙ୍କ ନିର୍ଦ୍ଦେଶମତେ ବିଗତ ବର୍ଷମାନଙ୍କ ପରି ଚଳିତ ବର୍ଷ ମଧ୍ୟ ଉକ୍ତ ପଞ୍ଚାୟତ ସମିତିର ନିମ୍ନଲିଖିତ ଗ୍ରାମପଞ୍ଚାୟତ ୨୦୧୪–୧୫ ମାର୍ଚ୍ଚ ମାସ ପର୍ଯ୍ୟନ୍ତ କରାଯାଇଥିବା ମହାତ୍ମାଗାନ୍ଧୀ ଜାତୀୟ ଗ୍ରାମୀଣ ନିଶ୍ଚିତ କର୍ମନିଯୁକ୍ତି କାର୍ଯ୍ୟସୂଚିକର ମଷ୍ଟରରୋଲ୍ ତନଖି ଏବଂ ଏତଦ୍ ସମ୍ବନ୍ଧୀୟ ଅଭିଯୋଗ ଶୁଣାଣି ନିମନ୍ତେ ନିମ୍ନ କାର୍ଯ୍ୟସୂଚୀ ପ୍ରକାରେ ଗ୍ରାମସଭା ଅନୁଷ୍ଠିତ ହେବ । ଏଣୁ ଉପରୋକ୍ତ କାର୍ଯ୍ୟରେ ନିୟୋଜିତ ସମସ୍ତ ଶ୍ରମିକ, ସାମାଜିକ ସମୀକ୍ଷା କମିଟିର ସଦସ୍ୟ/ସଦସ୍ୟା ଏବଂ ସମ୍ପୃକ୍ତ ବିଭାଗୀୟ ଅଧିକାରୀ ନିର୍ଦ୍ଧାରିତ ସ୍ଥାନ ଓ ସମୟରେ ଉପସ୍ଥିତ ରହି ଶତ ପ୍ରତିଶତ ମଷ୍ଟରରୋଲ୍ ଯାଞ୍ଚ ପ୍ରକ୍ରିୟାରେ ସହଯୋଗ କରିବାକୁ ଅନୁରୋଧ ।
କ୍ର. ନଂ.	ଗ୍ରାମପଞ୍ଚାୟତର ନାମ	ଯାଞ୍ଚ ତାରିଖ	ସମୟ	ଯାଞ୍ଚ କାର୍ଯ୍ୟକ୍ରମର ସ୍ଥାନ	ଯାଞ୍ଚ ଅଧିକାରୀ
୧	ବର୍ଣ୍ଣିଆ	୨୬।୦୫।୨୦୧୪	ପୂର୍ବାହ୍ନ ୯ ଘଟିକା	ପଞ୍ଚାୟତ ସମିତି କାର୍ଯ୍ୟାଳୟ	ଏସ୍.ଇ.ଓ. ଏବଂ ସମ୍ପୃକ୍ତ କନିଷ୍ଠ ଯନ୍ତ୍ରୀ
୨	ଜୟଦେବ	"	"	"	ଏ.ଏଫ୍.ଓ. ଏବଂ ସମ୍ପୃକ୍ତ କନିଷ୍ଠ ଯନ୍ତ୍ରୀ
୩	ବାଲିଅନ୍ତା	"	"	"	ଏ.ବି.ଡି.ଓ. ଏବଂ ସମ୍ପୃକ୍ତ କନିଷ୍ଠ ଯନ୍ତ୍ରୀ
୪	ପୁରୁଣାପ୍ରଧାନ	"	"	"	ଡି.ଇ.ଓ., ଏ.ପି.ଓ. ଏବଂ ସମ୍ପୃକ୍ତ କନିଷ୍ଠ ଯନ୍ତ୍ରୀ
୫	ସିଂହାସନ	୨୭।୦୫।୨୦୧୪	"	"	ସି.ଇ.ଓ. ଏବଂ ସମ୍ପୃକ୍ତ କନିଷ୍ଠ ଯନ୍ତ୍ରୀ
୬	ପ୍ରତାପଶାସନ	"	"	"	ଏସ୍.ସି.ଓ. ଏବଂ ସମ୍ପୃକ୍ତ କନିଷ୍ଠ ଯନ୍ତ୍ରୀ
୭	ଜଗନ୍ନାଥପୁର	"	"	"	ଏ.ବି.ଡି.ଓ. ଏବଂ ସମ୍ପୃକ୍ତ କନିଷ୍ଠ ଯନ୍ତ୍ରୀ
୮	ପ୍ରତାପରୁଦ୍ରପୁର	୨୮।୦୫।୨୦୧୪	"	"	ଜେ.ଇ.ଆର୍.ଡବ୍ଲ୍ୟୁ.ଏସ୍.ଏସ୍. ଏବଂ ସମ୍ପୃକ୍ତ କନିଷ୍ଠ ଯନ୍ତ୍ରୀ
୯	ଭଗବାନପୁର	"	"	"	ଭି.ପି.ଇ.ଓ. ଏବଂ ସମ୍ପୃକ୍ତ କନିଷ୍ଠ ଯନ୍ତ୍ରୀ
୧୦	ସତ୍ୟଭାମାପୁର	"	"	"	ଡବ୍ଲ୍ୟୁ.ଓ. ଏବଂ ସମ୍ପୃକ୍ତ କନିଷ୍ଠ ଯନ୍ତ୍ରୀ
୧୧	ଭିଙ୍ଗାରପୁର	"	"	"	ସି.ଇ.ଓ. ଏବଂ ସମ୍ପୃକ୍ତ କନିଷ୍ଠ ଯନ୍ତ୍ରୀ
୧୨	ବେଣ୍ଟପୁର	୨୯।୦୫।୨୦୧୪	"	"	ଏ.ଏଫ୍.ଓ. ଏବଂ ସମ୍ପୃକ୍ତ କନିଷ୍ଠ ଯନ୍ତ୍ରୀ
୧୩	ଭାକରରୁଦ୍ରପୁର	"	"	"	ଏ.ପି.ଓ. ଏବଂ ସମ୍ପୃକ୍ତ କନିଷ୍ଠ ଯନ୍ତ୍ରୀ
୧୪	ବେଣ୍ଟପୁର	୩୦।୦୫।୨୦୧୪	"	"	ଏ.ବି.ଡି.ଓ. ଏବଂ ସମ୍ପୃକ୍ତ କନିଷ୍ଠ ଯନ୍ତ୍ରୀ
୧୫	ସରକଣା	"	"	"	ଡି.ଡି.ଓ., ସହକାରୀ ଯନ୍ତ୍ରୀ ଏବଂ ସମ୍ପୃକ୍ତ କନିଷ୍ଠ ଯନ୍ତ୍ରୀ
ସ୍ୱା./- ଗୋଷ୍ଠୀ ଉନ୍ନୟନ ଅଧିକାରୀ, ବାଲିଅନ୍ତା
ପଞ୍ଚାୟତ ସମିତି କାର୍ଯ୍ୟାଳୟ, ମ.ରାମପୁର
ନଂ.–୮୭୬ ତାରିଖ– ୨୬।୪।୨୦୧୪
ବିଜ୍ଞାପନ
ଏତଦ୍ୱାରା ମଦନପୁର ରାମପୁର ପଞ୍ଚାୟତ ସମିତି ଅନ୍ତର୍ଗତ ସମସ୍ତ ଜନସାଧାରଣଙ୍କ ଅବଗତି ନିମନ୍ତେ ଜଣାଇ ଦିଆଯାଉଛି ଯେ, ମହାତ୍ମାଗାନ୍ଧୀ ଜାତୀୟ ଗ୍ରାମୀଣ ନିଶ୍ଚିତ କର୍ମ ନିଯୁକ୍ତି ଯୋଜନା (MGNREGS) ଅଧୀନରେ ୨୦୧୩–୧୪ ଆର୍ଥିକ ବର୍ଷର March-2014 ସୁଦ୍ଧା ପଞ୍ଚାୟତ ସମିତି, ସମସ୍ତ ଗ୍ରା.ପ. ଏବଂ ଅନ୍ୟାନ୍ୟ ବିଭାଗମାନଙ୍କ ଦ୍ୱାରା ସମ୍ପାଦିତ ବିଭିନ୍ନ ପ୍ରକଳ୍ପଗୁଡ଼ିକର ଶତ ପ୍ରତିଶତ ବ୍ୟବହୃତ ହୋଇଥିବା ମଷ୍ଟର ରୋଲ ଯାଞ୍ଚ ତଥା ସାମାଜିକ ସମୀକ୍ଷା (Social Audit) ନିମ୍ନ କାର୍ଯ୍ୟସୂଚୀ ମତେ ସଂପୃକ୍ତ ଗ୍ରା.ପ. କାର୍ଯ୍ୟାଳୟଠାରେ ଗ୍ରାମସଭା ଅନୁଷ୍ଠିତ ହେବ । ଏହି ସଭାରେ ଜନସାଧାରଣ, ସମସ୍ତ ନିର୍ବାଚିତ ପ୍ରତିନିଧି, ସ୍ୱୟଂସହାୟକ ଗୋଷ୍ଠୀ, ସ୍ୱେଚ୍ଛାସେବୀ ସଙ୍ଗଠନର ସଦସ୍ୟ /ସଦସ୍ୟା, ସମସ୍ତ କୁଶଳୀ, ଅଣକୁଶଳୀ, ଅର୍ଦ୍ଧ କୁଶଳୀ ଶ୍ରମିକମାନେ ନିଜ ନିଜର କାର୍ଯ୍ୟପତ୍ର ସାଙ୍ଗରେ ଆଣି ଯାଞ୍ଚ କରାଇବେ । ଗ୍ରା.ପ.ର ସରପଞ୍ଚ, ପଞ୍ଚାୟତର କାର୍ଯ୍ୟ ନିର୍ବାହୀ ଅଧିକାରୀ, ଗ୍ରାମରୋଜଗାର ସେବକ, ଗ୍ରାମ ସଂଯୋଜକ ସମସ୍ତ ନଥିପତ୍ର ସହ ଉପସ୍ଥିତ ରହି ତଦାରଖ କମିଟିକୁ ନିର୍ଦ୍ଧାରିତ ତାରିଖ, ସମୟ, ସ୍ଥାନରେ ମଷ୍ଟର ରୋଲ ଯାଞ୍ଚ ନିମନ୍ତେ ତଥ୍ୟ ଉପସ୍ଥାପନ କରିବେ ।
ମଷ୍ଟରରୋଲ ଯାଞ୍ଚ ନିମନ୍ତେ କାର୍ଯ୍ୟସୂଚୀ
କ୍ର.ନଂ.	ତାରିଖ	ଗ୍ରା.ପ.ର ନାମ	ସମୟ	ପ୍ରାଧିକୃତ ଅଧିକାରୀଙ୍କ ପଦବୀ
୦୧	୨୦।୦୫।୨୦୧୪	ମୋହନଗିରି, ଗୋଲ୍ଲାଦେଙ୍ଗେନ, ବାରବନ୍ଧା, ମଦନପୁର, ସାଇଦଲଙ୍ଗୀ	ପୂର୍ବାହ୍ନ ୯.୩୦ଘ.	ପି.ଏ./ସହକାରୀ ଯନ୍ତ୍ରୀ/ମଙ୍ଗଳ ସଂପ୍ରସାରଣ ଅଧିକାରୀ/ଗ୍ରା.ପ. ସଂପ୍ରସାରଣ ଅଧିକାରୀ/ ଅତିରିକ୍ତ କାର୍ଯ୍ୟକ୍ରମ ଅଧିକାରୀ/କନିଷ୍ଠ ଯନ୍ତ୍ରୀ/ ଗ୍ରା.ପ.ବି.ସହାୟକ
୦୨	୨୧।୦୫।୨୦୧୪	ମାଣିକେରା, ସାଲେପାଲି, ଉର୍ଲାଦାନୀ, ମ.ରାମପୁର, ମୁଡିଙ୍ଗ	ପୂର୍ବାହ୍ନ ୯.୩୦ଘ.	ଅତିରିକ୍ତ ଗୋ.ଉ.ଅ./ପି.ଏ./ଅତିରିକ୍ତ କାର୍ଯ୍ୟକ୍ରମ ଅଧିକାରୀ/ସହକାରୀ ଯନ୍ତ୍ରୀ/ ଗ୍ରା.ପ. ସଂପ୍ରସାରଣ ଅଧିକାରୀ/କନିଷ୍ଠ ଯନ୍ତ୍ରୀ/ ଗ୍ରାପ.ବି.ସହାୟକ
୦୩	୨୨।୦୫।୨୦୧୪	କୁନପୁର, ବମକ, ଅଲାତରା	ପୂର୍ବାହ୍ନ ୯.୩୦ ଘ.	ଅତିରିକ୍ତ କାର୍ଯ୍ୟକ୍ରମ ଅଧିକାରୀ/ଅତିରିକ୍ତ ଗୋ.ଉ.ଅ. / ସହକାରୀ ଯନ୍ତ୍ରୀ/ଗ୍ରା.ପ.ବି.ସହାୟକ
୦୪	୨୩।୦୫।୨୦୧୪	ପଣ୍ଡକାମାଳ, ଦମ୍ଭକର୍ଲାଖୁଣ୍ଟା	ପୂର୍ବାହ୍ନ ୯.୩୦ ଘ.	ଅତିରିକ୍ତ କାର୍ଯ୍ୟକ୍ରମ ଅଧିକାରୀ/ଗ୍ରା.ପ. ସଂପ୍ରସାରଣ ଅଧିକାରୀ/ଗ୍ରା.ପ.ବି.ସହାୟକ
ଯାଞ୍ଚ ହେବାକୁ ଥିବା ତଥ୍ୟ
ବ୍ୟବହୃତ ହୋଇଥିବା ମଷ୍ଟରରୋଲ ସଂଖ୍ୟା ଓ କାର୍ଯ୍ୟକ୍ରମ ଅଧିକାରୀଙ୍କ ଦ୍ୱାରା ପ୍ରଦତ୍ତ ସଂଖ୍ୟା ସମାନ କି ନାହିଁ ।
ମଷ୍ଟରରୋଲରେ ଶ୍ରମିକମାନଙ୍କ କାର୍ଯ୍ୟପତ୍ର ସଂଖ୍ୟା ଉଲ୍ଲେଖ ହୋଇଛି କି ନାହିଁ ।
ମଷ୍ଟରରୋଲରେ ସମ୍ପାଦିତ କାର୍ଯ୍ୟର ପରିମାଣ ଓ ଦିଆଯାଇଥିବା ମଜୁରି ପରିମାଣ ଉଲ୍ଲେଖ ହୋଇଛି କି ନାହିଁ ।
ମଷ୍ଟରରୋଲରେ ଶ୍ରମିକ ଓ ସାକ୍ଷୀଙ୍କ ଦସ୍ତଖତ ରହିଛି କି ନାହିଁ ।
ସ୍ୱା./ ଗୋଷ୍ଠୀ ଉନ୍ନୟନ ଅଧିକାରୀ ତଥା କାର୍ଯ୍ୟକ୍ରମ ଅଧିକାରୀ, ମ.ରାମପୁର
ପଞ୍ଚାୟତ ସମିତି କାର୍ଯ୍ୟାଳୟ, କୁଚିଣ୍ଡା, ଜି.- ସମ୍ବଲପୁର
ବିଜ୍ଞାପନ ନଂ.–954	ତା: ୭।୫।୧୪
ଏତଦ୍ୱାରା କୁଚିଣ୍ଡା ପଞ୍ଚାୟତ ସମିତିର ସର୍ବସାଧାରଣଙ୍କ ଅବଗତ ନିମନ୍ତେ ଜଣାଇ ଦିଆଯାଉଅଛି ଯେ ଜାତୀୟ ଗ୍ରାମୀଣ କର୍ମନିଯୁକ୍ତି ଯୋଜନା ଅଧୀନରେ ୨୦୧୩–୧୪ ଆର୍ଥିକ ବର୍ଷର ପଞ୍ଚାୟତ ସମିତି ତଥା ସମସ୍ତ ଗ୍ରାମ ପଞ୍ଚାୟତ ଏବଂ ଅନ୍ୟାନ୍ୟ ବିଭାଗମାନଙ୍କ ଦ୍ୱାରା ସମ୍ପାଦିତ ବିଭିନ୍ନ ପ୍ରକଳ୍ପ ନିମନ୍ତେ ଶତପ୍ରତିଶତ ମଷ୍ଟର ରୋଲ ତନଖି, ସାମାଜିକ ସମୀକ୍ଷା ନିମ୍ନ କାର୍ଯ୍ୟସୂଚୀ ମତେ ସକାଳ ୧୦.୦୦ ଘଟିକାରୁ ଅପରାହ୍ଣ ୦୫.୦୦ ଘଟିକା ପର୍ଯ୍ୟନ୍ତ ସମ୍ପୃକ୍ତ ଗ୍ରାମପଞ୍ଚାୟତ କାର୍ଯ୍ୟାଳୟରେ ଗ୍ରାମସଭା ମାଧ୍ୟମରେ ଅନୁଷ୍ଠିତ ହେବ । ଏହି ସଭାରେ ସର୍ବସାଧାରଣ, ନିର୍ବାଚିତ ପ୍ରତିନିଧି, ସ୍ୱୟଂ ସହାୟକ ଗୋଷ୍ଠୀ, ସ୍ୱେଚ୍ଛାସେବୀ ଅନୁଷ୍ଠାନ, ତଦାରଖ କମିଟି, ଗାଁ ସାଥୀ, ଗ୍ରାମ ସଂଯୋଜକ ଓ ସମସ୍ତ ଜବ୍‌କାର୍ଡଧାରୀ ଶ୍ରମିକମାନଙ୍କୁ ନିର୍ଦ୍ଧାରିତ ତାରିଖ, ସମୟ ଓ ସ୍ଥାନରେ ଉପସ୍ଥିତ ରହି ସମୀକ୍ଷାରେ ଭାଗନେବା ସଙ୍ଗେ ସଙ୍ଗେ ମଷ୍ଟର ରୋଲ ତନଖି ବାବଦକୁ ସତ୍ୟାସତ୍ୟ ପ୍ରତିପାଦନ ପୂର୍ବକ ନିଜର ମତାମତ ପ୍ରଦାନ କରିବାକୁ ଅନୁରୋଧ ।
ଯାଞ୍ଚ ହେବାକୁ ଥିବା ତଥ୍ୟ:
୧. ବ୍ୟବହୃତ ହୋଇଥିବା ମଷ୍ଟର ରୋଲ କ୍ରମିକ ସଂଖ୍ୟା ଓ ପ୍ରୋଗ୍ରାମ ଅଧିକାରୀଙ୍କ ଦ୍ୱାରା ପ୍ରଦତ୍ତ କ୍ରମିକ ସଂଖ୍ୟା ଠିକ୍ ଅଛି କି ନାହିଁ ।
୨. ମଷ୍ଟର ରୋଲରେ ଶ୍ରମିକଙ୍କ କାର୍ଯ୍ୟପତ୍ର ସଂଖ୍ୟା ଉଲ୍ଲେଖ କରାଯାଇଛି କି ନାହିଁ ।
୩. ମଷ୍ଟର ରୋଲରେ ପ୍ରଦର୍ଶିତ କାର୍ଯ୍ୟଦିବସ ଅନୁସାରେ ମାପ ବହିରେ ଦର୍ଶାଯାଇଥିବା କାର୍ଯ୍ୟର ପରିମାଣ ଓ ପ୍ରାପ୍ୟ ଠିକ୍ କି ନାହିଁ ।
୪. ମଷ୍ଟର ରୋଲରେ ଦର୍ଶାଯାଇଥିବା ବିବରଣୀ କାର୍ଯ୍ୟପତ୍ରରେ ମଷ୍ଟର ରୋଲ ମୁତାବକ ଦରଜ କରାଯାଇଛି କି ନାହିଁ ।
୫. ମଷ୍ଟର ରୋଲ ଅନୁସାରେ ମାପ ବହିରେ ଦର୍ଶାଯାଇଥିବା କାର୍ଯ୍ୟର ପରିମାଣ ସହ ସାମଞ୍ଜସ୍ୟ ଅଛି କି ନାହିଁ ।
୬. ମଷ୍ଟର ରୋଲରେ କାର୍ଯ୍ୟପତ୍ରଧାରୀଙ୍କ ନମ୍ବର ଉଲ୍ଲେଖ ଅଛି କି ନାହିଁ ।
ଆର୍ଥିକ ବର୍ଷର କାର୍ଯ୍ୟ ସମ୍ପାଦକ ହୋଇଥିବା ଜାତୀୟ ଗ୍ରାମୀଣ ନିଶ୍ଚିତ କର୍ମନିଯୁକ୍ତି ଯୋଜନାରେ
ଶ୍ରମିକ ଉପସ୍ଥାପନ ଶତ ପ୍ରତିଶତ ଯାଞ୍ଚ ଓ ସାମାଜିକ ସଭାର କାର୍ଯ୍ୟସୂଚୀ
କ୍ର.ନଂ	ଗ୍ରାମ ପଞ୍ଚାୟତ	ତାରିଖ	ସମୟ	ପଦାଧିକାରୀଙ୍କ ନାମ	ଯାଞ୍ଚ ଅଧିକାରୀ
୧	ଡକ୍ଲୁମା	19.5.14	୧୦.୦୦ରୁ ୦୧.୦୦	ପଞ୍ଚାୟତ ଦାୟିତ୍ୱରେ ଥିବା କନିଷ୍ଠ ଯନ୍ତ୍ରୀ, ନିର୍ବାହୀ ଅଧିକାରୀ, ଗ୍ରାମ ରୋଜଗାର ସେବକ	P. Pradhan, WEO
୨	ଚନ୍ଦନିମାଲ	19.5.14	୦୨.୦୦ରୁ ୦୫.୦୦	ପଞ୍ଚାୟତ ଦାୟିତ୍ୱରେ ଥିବା କନିଷ୍ଠ ଯନ୍ତ୍ରୀ, ନିର୍ବାହୀ ଅଧିକାରୀ, ଗ୍ରାମ ରୋଜଗାର ସେବକ	P. Pradhan, WEO
୩	ଗୋଛରା	19.5.14	୧୦.୦୦ରୁ ୦୧.୦୦	ପଞ୍ଚାୟତ ଦାୟିତ୍ୱରେ ଥିବା କନିଷ୍ଠ ଯନ୍ତ୍ରୀ, ନିର୍ବାହୀ ଅଧିକାରୀ, ଗ୍ରାମ ରୋଜଗାର ସେବକ	P. Panigrahi, GPEO
୪	ତେଲିଡିଲେଇମାଲ	19.5.14	୦୨.୦୦ରୁ ୦୫.୦୦	ପଞ୍ଚାୟତ ଦାୟିତ୍ୱରେ ଥିବା କନିଷ୍ଠ ଯନ୍ତ୍ରୀ, ନିର୍ବାହୀ ଅଧିକାରୀ, ଗ୍ରାମ ରୋଜଗାର ସେବକ	P. Panigrahi, GPEO
୫	ସାଲେଭାଟି	19.5.14	୧୦.୦୦ରୁ ୦୧.୦୦	ପଞ୍ଚାୟତ ଦାୟିତ୍ୱରେ ଥିବା କନିଷ୍ଠ ଯନ୍ତ୍ରୀ, ନିର୍ବାହୀ ଅଧିକାରୀ, ଗ୍ରାମ ରୋଜଗାର ସେବକ	P. Mohapatra APO
୬	କୁସୁମୀ	19.5.14	୦୨.୦୦ରୁ ୦୫.୦୦	ପଞ୍ଚାୟତ ଦାୟିତ୍ୱରେ ଥିବା କନିଷ୍ଠ ଯନ୍ତ୍ରୀ, ନିର୍ବାହୀ ଅଧିକାରୀ, ଗ୍ରାମ ରୋଜଗାର ସେବକ	P. Mohapatra APO
୭	କୁଲେଇଗଡ଼	19.5.14	୧୦.୦୦ରୁ ୦୧.୦୦	ପଞ୍ଚାୟତ ଦାୟିତ୍ୱରେ ଥିବା କନିଷ୍ଠ ଯନ୍ତ୍ରୀ, ନିର୍ବାହୀ ଅଧିକାରୀ, ଗ୍ରାମ ରୋଜଗାର ସେବକ	H.Nikhandia ABDO
୮	କୁଟୁରାଟୁଆଁ	19.5.14	୦୨.୦୦ରୁ ୦୫.୦୦	ପଞ୍ଚାୟତ ଦାୟିତ୍ୱରେ ଥିବା କନିଷ୍ଠ ଯନ୍ତ୍ରୀ, ନିର୍ବାହୀ ଅଧିକାରୀ, ଗ୍ରାମ ରୋଜଗାର ସେବକ	H.Nikhandia ABDO
୯	ଟାଇଁସର	19.5.14	୧୦.୦୦ରୁ ୦୧.୦୦	ପଞ୍ଚାୟତ ଦାୟିତ୍ୱରେ ଥିବା କନିଷ୍ଠ ଯନ୍ତ୍ରୀ, ନିର୍ବାହୀ ଅଧିକାରୀ, ଗ୍ରାମ ରୋଜଗାର ସେବକ	Y. Ping AFO
୧୦	କୁସୁମୀ ଜମନକିରା	19.5.14	୦୨.୦୦ରୁ ୦୫.୦୦	ପଞ୍ଚାୟତ ଦାୟିତ୍ୱରେ ଥିବା କନିଷ୍ଠ ଯନ୍ତ୍ରୀ, ନିର୍ବାହୀ ଅଧିକାରୀ, ଗ୍ରାମ ରୋଜଗାର ସେବକ	Y. Ping AFO
୧୧	ଅଣ୍ଡୋଳିଆ	20.5.14	୧୦.୦୦ରୁ ୦୧.୦୦	ପଞ୍ଚାୟତ ଦାୟିତ୍ୱରେ ଥିବା କନିଷ୍ଠ ଯନ୍ତ୍ରୀ, ନିର୍ବାହୀ ଅଧିକାରୀ, ଗ୍ରାମ ରୋଜଗାର ସେବକ	P.Bhoi RWSS JE
୧୨	ହାତିପାଲି	20.5.14	୦୨.୦୦ରୁ ୦୫.୦୦	ପଞ୍ଚାୟତ ଦାୟିତ୍ୱରେ ଥିବା କନିଷ୍ଠ ଯନ୍ତ୍ରୀ, ନିର୍ବାହୀ ଅଧିକାରୀ, ଗ୍ରାମ ରୋଜଗାର ସେବକ	Y. Ping AFO
୧୩	କୁନ୍ତରା	20.5.14	୧୦.୦୦ରୁ ୦୧.୦୦	ପଞ୍ଚାୟତ ଦାୟିତ୍ୱରେ ଥିବା କନିଷ୍ଠ ଯନ୍ତ୍ରୀ, ନିର୍ବାହୀ ଅଧିକାରୀ, ଗ୍ରାମ ରୋଜଗାର ସେବକ	P. Mohapatra APO
୧୪	ବାଙ୍କେ	20.5.14	୦୨.୦୦ରୁ ୦୫.୦୦	ପଞ୍ଚାୟତ ଦାୟିତ୍ୱରେ ଥିବା କନିଷ୍ଠ ଯନ୍ତ୍ରୀ, ନିର୍ବାହୀ ଅଧିକାରୀ, ଗ୍ରାମ ରୋଜଗାର ସେବକ	P.Bhoi RWSS JE
୧୫	ପରୁଆଭାଡ଼ି	20.5.14	୧୦.୦୦ରୁ ୦୧.୦୦	ପଞ୍ଚାୟତ ଦାୟିତ୍ୱରେ ଥିବା କନିଷ୍ଠ ଯନ୍ତ୍ରୀ, ନିର୍ବାହୀ ଅଧିକାରୀ, ଗ୍ରାମ ରୋଜଗାର ସେବକ	P. Panigrahi, GPEO
୧୬	ବାହରିଗୁଡ଼ା	20.5.14	୦୨.୦୦ରୁ ୦୫.୦୦	ପଞ୍ଚାୟତ ଦାୟିତ୍ୱରେ ଥିବା କନିଷ୍ଠ ଯନ୍ତ୍ରୀ, ନିର୍ବାହୀ ଅଧିକାରୀ, ଗ୍ରାମ ରୋଜଗାର ସେବକ	P. Pradhan, WEO
୧୭	ଅର୍ଡାବାହାଲ	20.5.14	୧୦.୦୦ରୁ ୦୧.୦୦	ପଞ୍ଚାୟତ ଦାୟିତ୍ୱରେ ଥିବା କନିଷ୍ଠ ଯନ୍ତ୍ରୀ, ନିର୍ବାହୀ ଅଧିକାରୀ, ଗ୍ରାମ ରୋଜଗାର ସେବକ	Y. Ping AFO
ଗୋଷ୍ଠୀ ଉନ୍ନୟନ ଅଧିକାରୀ, କୁଚିଣ୍ଡା
